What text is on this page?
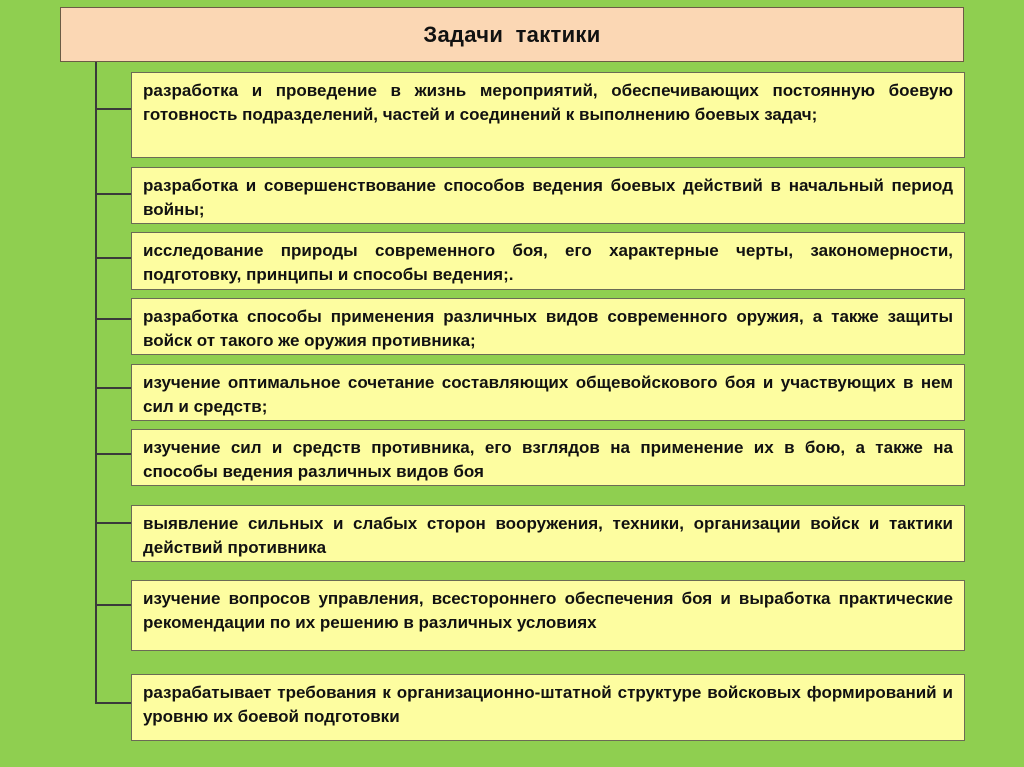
Задачи тактики
разработка и проведение в жизнь мероприятий, обеспечивающих постоянную боевую готовность подразделений, частей и соединений к выполнению боевых задач;
разработка и совершенствование способов ведения боевых действий в начальный период войны;
исследование природы современного боя, его характерные черты, закономерности, подготовку, принципы и способы ведения;.
разработка способы применения различных видов современного оружия, а также защиты войск от такого же оружия противника;
изучение оптимальное сочетание составляющих общевойскового боя и участвующих в нем сил и средств;
изучение сил и средств противника, его взглядов на применение их в бою, а также на способы ведения различных видов боя
выявление сильных и слабых сторон вооружения, техники, организации войск и тактики действий противника
изучение вопросов управления, всестороннего обеспечения боя и выработка практические рекомендации по их решению в различных условиях
разрабатывает требования к организационно-штатной структуре войсковых формирований и уровню их боевой подготовки
